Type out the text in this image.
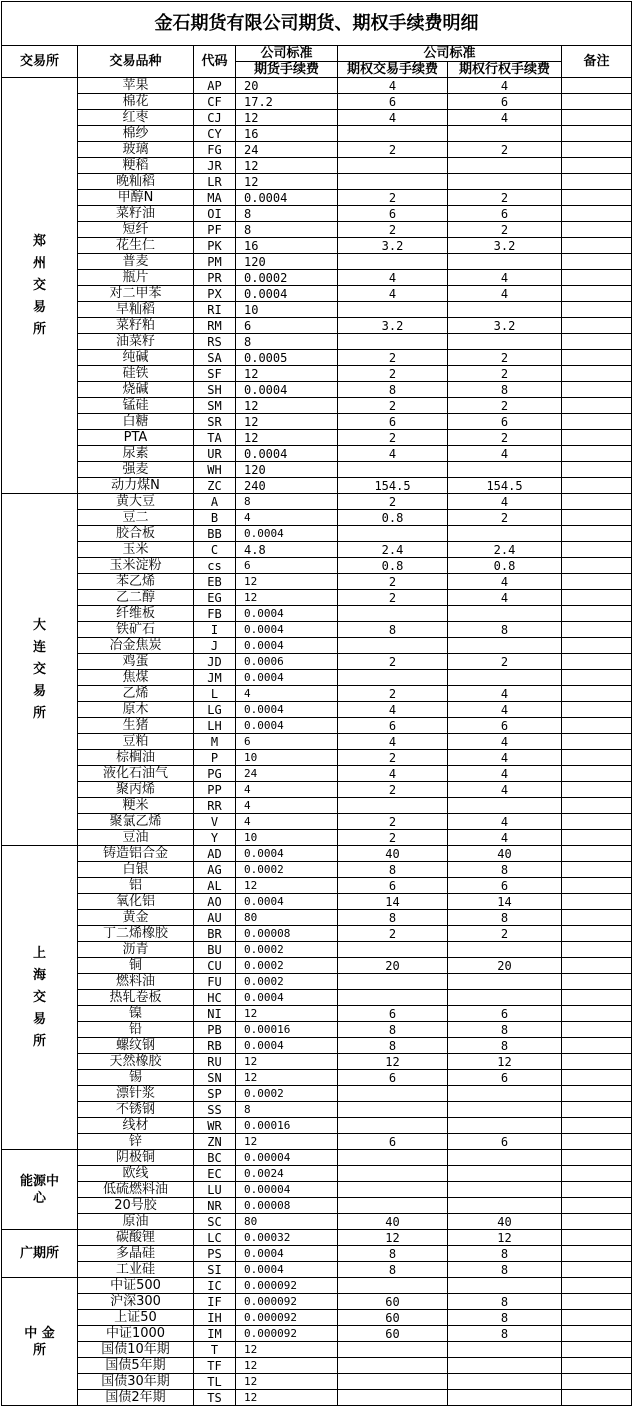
金石期货有限公司期货、期权手续费明细						
交易所	交易品种	代码	公司标准	公司标准		备注
			期货手续费	期权交易手续费	期权行权手续费	

郑州交易所	苹果	AP	20	4	4	
	棉花	CF	17.2	6	6	
	红枣	CJ	12	4	4	
	棉纱	CY	16			
	玻璃	FG	24	2	2	
	粳稻	JR	12			
	晚籼稻	LR	12			
	甲醇N	MA	0.0004	2	2	
	菜籽油	OI	8	6	6	
	短纤	PF	8	2	2	
	花生仁	PK	16	3.2	3.2	
	普麦	PM	120			
	瓶片	PR	0.0002	4	4	
	对二甲苯	PX	0.0004	4	4	
	早籼稻	RI	10			
	菜籽粕	RM	6	3.2	3.2	
	油菜籽	RS	8			
	纯碱	SA	0.0005	2	2	
	硅铁	SF	12	2	2	
	烧碱	SH	0.0004	8	8	
	锰硅	SM	12	2	2	
	白糖	SR	12	6	6	
	PTA	TA	12	2	2	
	尿素	UR	0.0004	4	4	
	强麦	WH	120			
	动力煤N	ZC	240	154.5	154.5	

大连交易所	黄大豆	A	8	2	4	
	豆二	B	4	0.8	2	
	胶合板	BB	0.0004			
	玉米	C	4.8	2.4	2.4	
	玉米淀粉	cs	6	0.8	0.8	
	苯乙烯	EB	12	2	4	
	乙二醇	EG	12	2	4	
	纤维板	FB	0.0004			
	铁矿石	I	0.0004	8	8	
	冶金焦炭	J	0.0004			
	鸡蛋	JD	0.0006	2	2	
	焦煤	JM	0.0004			
	乙烯	L	4	2	4	
	原木	LG	0.0004	4	4	
	生猪	LH	0.0004	6	6	
	豆粕	M	6	4	4	
	棕榈油	P	10	2	4	
	液化石油气	PG	24	4	4	
	聚丙烯	PP	4	2	4	
	粳米	RR	4			
	聚氯乙烯	V	4	2	4	
	豆油	Y	10	2	4	

上海交易所	铸造铝合金	AD	0.0004	40	40	
	白银	AG	0.0002	8	8	
	铝	AL	12	6	6	
	氧化铝	AO	0.0004	14	14	
	黄金	AU	80	8	8	
	丁二烯橡胶	BR	0.00008	2	2	
	沥青	BU	0.0002			
	铜	CU	0.0002	20	20	
	燃料油	FU	0.0002			
	热轧卷板	HC	0.0004			
	镍	NI	12	6	6	
	铅	PB	0.00016	8	8	
	螺纹钢	RB	0.0004	8	8	
	天然橡胶	RU	12	12	12	
	锡	SN	12	6	6	
	漂针浆	SP	0.0002			
	不锈钢	SS	8			
	线材	WR	0.00016			
	锌	ZN	12	6	6	

能源中心	阴极铜	BC	0.00004			
	欧线	EC	0.0024			
	低硫燃料油	LU	0.00004			
	20号胶	NR	0.00008			
	原油	SC	80	40	40	

广期所	碳酸锂	LC	0.00032	12	12	
	多晶硅	PS	0.0004	8	8	
	工业硅	SI	0.0004	8	8	

中 金 所	中证500	IC	0.000092			
	沪深300	IF	0.000092	60	8	
	上证50	IH	0.000092	60	8	
	中证1000	IM	0.000092	60	8	
	国债10年期	T	12			
	国债5年期	TF	12			
	国债30年期	TL	12			
	国债2年期	TS	12			
